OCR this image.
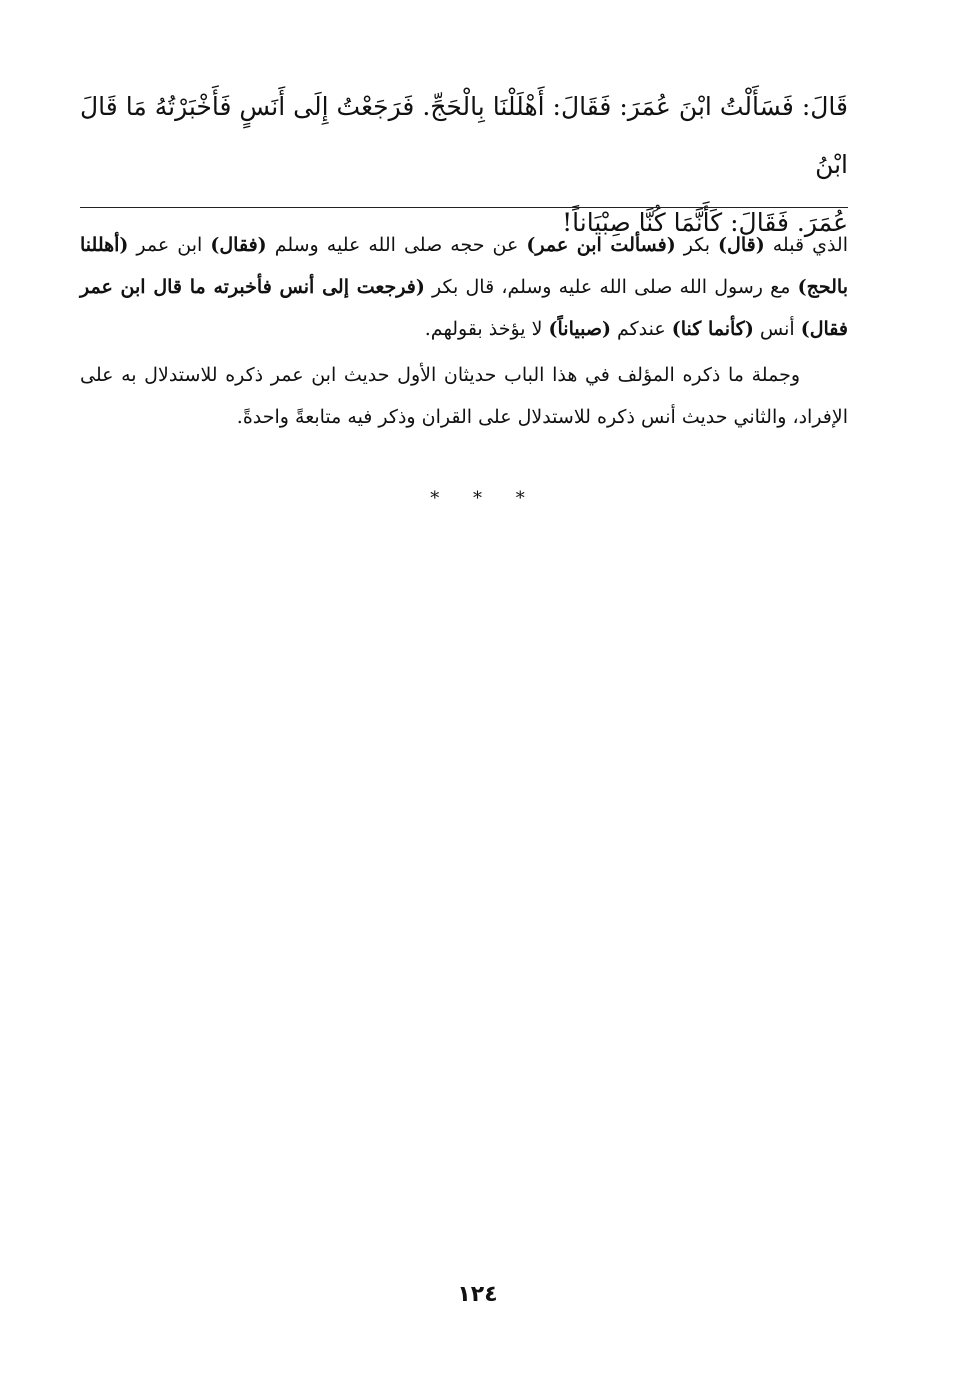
قَالَ: فَسَأَلْتُ ابْنَ عُمَرَ: فَقَالَ: أَهْلَلْنَا بِالْحَجِّ. فَرَجَعْتُ إِلَى أَنَسٍ فَأَخْبَرْتُهُ مَا قَالَ ابْنُ
عُمَرَ. فَقَالَ: كَأَنَّمَا كُنَّا صِبْيَاناً!

الذي قبله (قال) بكر (فسألت ابن عمر) عن حجه صلى الله عليه وسلم (فقال) ابن عمر (أهللنا بالحج) مع رسول الله صلى الله عليه وسلم، قال بكر (فرجعت إلى أنس فأخبرته ما قال ابن عمر فقال) أنس (كأنما كنا) عندكم (صبياناً) لا يؤخذ بقولهم.

وجملة ما ذكره المؤلف في هذا الباب حديثان الأول حديث ابن عمر ذكره للاستدلال به على الإفراد، والثاني حديث أنس ذكره للاستدلال على القران وذكر فيه متابعةً واحدةً.

* * *
١٢٤
